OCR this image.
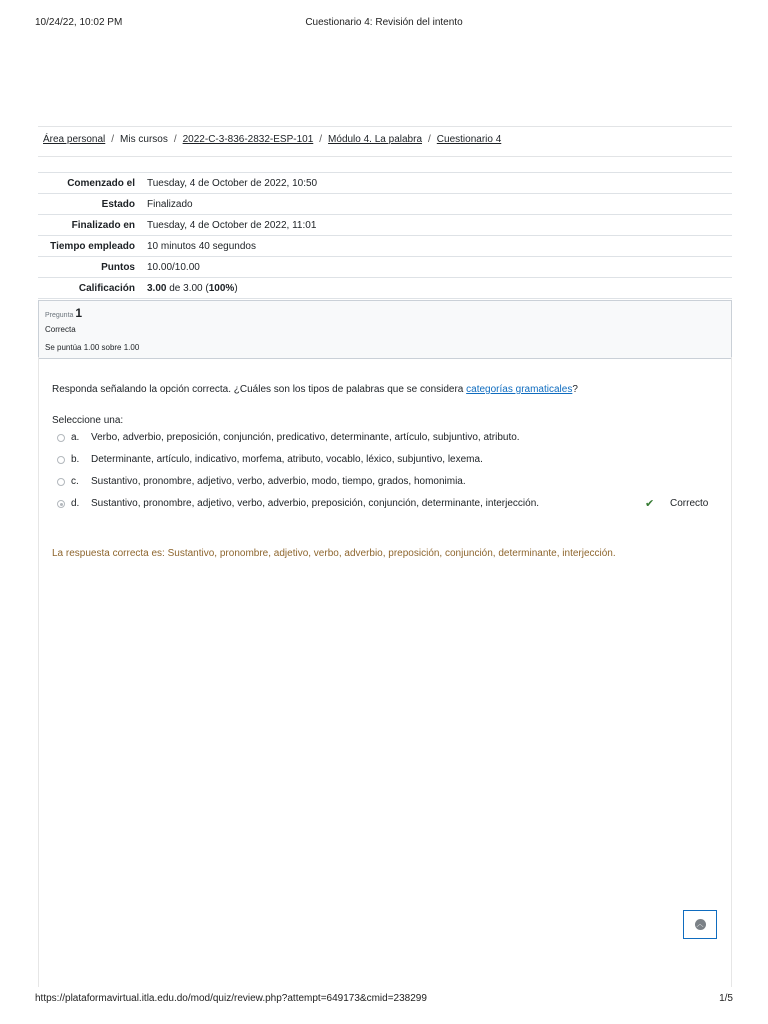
10/24/22, 10:02 PM	Cuestionario 4: Revisión del intento
Área personal / Mis cursos / 2022-C-3-836-2832-ESP-101 / Módulo 4. La palabra / Cuestionario 4
Comenzado el	Tuesday, 4 de October de 2022, 10:50
Estado	Finalizado
Finalizado en	Tuesday, 4 de October de 2022, 11:01
Tiempo empleado	10 minutos 40 segundos
Puntos	10.00/10.00
Calificación	3.00 de 3.00 (100%)
Pregunta 1
Correcta
Se puntúa 1.00 sobre 1.00
Responda señalando la opción correcta. ¿Cuáles son los tipos de palabras que se considera categorías gramaticales?
Seleccione una:
a. Verbo, adverbio, preposición, conjunción, predicativo, determinante, artículo, subjuntivo, atributo.
b. Determinante, artículo, indicativo, morfema, atributo, vocablo, léxico, subjuntivo, lexema.
c. Sustantivo, pronombre, adjetivo, verbo, adverbio, modo, tiempo, grados, homonimia.
d. Sustantivo, pronombre, adjetivo, verbo, adverbio, preposición, conjunción, determinante, interjección.	✔ Correcto
La respuesta correcta es: Sustantivo, pronombre, adjetivo, verbo, adverbio, preposición, conjunción, determinante, interjección.
︿
https://plataformavirtual.itla.edu.do/mod/quiz/review.php?attempt=649173&cmid=238299	1/5
